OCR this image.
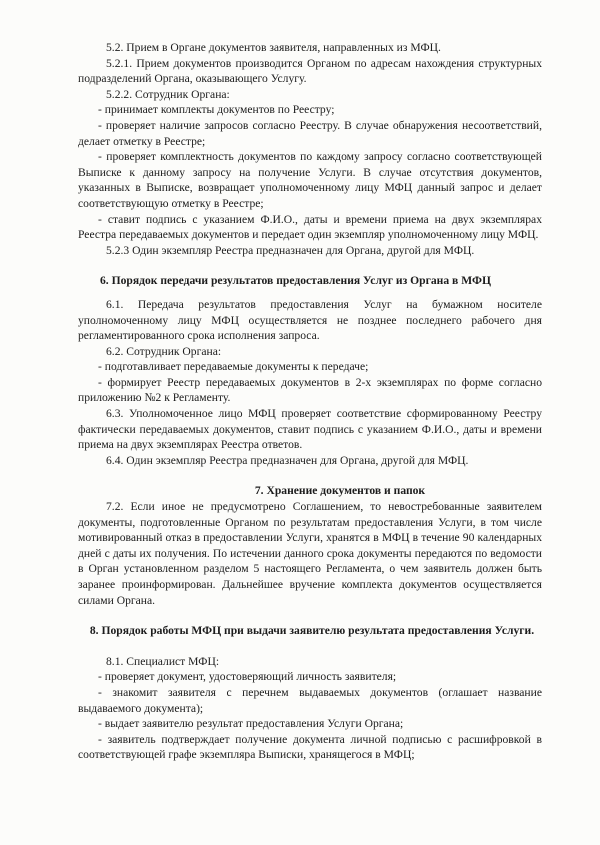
5.2. Прием в Органе документов заявителя, направленных из МФЦ.

5.2.1. Прием документов производится Органом по адресам нахождения структурных подразделений Органа, оказывающего Услугу.

5.2.2. Сотрудник Органа:

- принимает комплекты документов по Реестру;

- проверяет наличие запросов согласно Реестру. В случае обнаружения несоответствий, делает отметку в Реестре;

- проверяет комплектность документов по каждому запросу согласно соответствующей Выписке к данному запросу на получение Услуги. В случае отсутствия документов, указанных в Выписке, возвращает уполномоченному лицу МФЦ данный запрос и делает соответствующую отметку в Реестре;

- ставит подпись с указанием Ф.И.О., даты и времени приема на двух экземплярах Реестра передаваемых документов и передает один экземпляр уполномоченному лицу МФЦ.

5.2.3 Один экземпляр Реестра предназначен для Органа, другой для МФЦ.

6. Порядок передачи результатов предоставления Услуг из Органа в МФЦ

6.1. Передача результатов предоставления Услуг на бумажном носителе уполномоченному лицу МФЦ осуществляется не позднее последнего рабочего дня регламентированного срока исполнения запроса.

6.2. Сотрудник Органа:

- подготавливает передаваемые документы к передаче;

- формирует Реестр передаваемых документов в 2-х экземплярах по форме согласно приложению №2 к Регламенту.

6.3. Уполномоченное лицо МФЦ проверяет соответствие сформированному Реестру фактически передаваемых документов, ставит подпись с указанием Ф.И.О., даты и времени приема на двух экземплярах Реестра ответов.

6.4. Один экземпляр Реестра предназначен для Органа, другой для МФЦ.

7. Хранение документов и папок

7.2. Если иное не предусмотрено Соглашением, то невостребованные заявителем документы, подготовленные Органом по результатам предоставления Услуги, в том числе мотивированный отказ в предоставлении Услуги, хранятся в МФЦ в течение 90 календарных дней с даты их получения. По истечении данного срока документы передаются по ведомости в Орган установленном разделом 5 настоящего Регламента, о чем заявитель должен быть заранее проинформирован. Дальнейшее вручение комплекта документов осуществляется силами Органа.

8. Порядок работы МФЦ при выдачи заявителю результата предоставления Услуги.

8.1. Специалист МФЦ:

- проверяет документ, удостоверяющий личность заявителя;

- знакомит заявителя с перечнем выдаваемых документов (оглашает название выдаваемого документа);

- выдает заявителю результат предоставления Услуги Органа;

- заявитель подтверждает получение документа личной подписью с расшифровкой в соответствующей графе экземпляра Выписки, хранящегося в МФЦ;
